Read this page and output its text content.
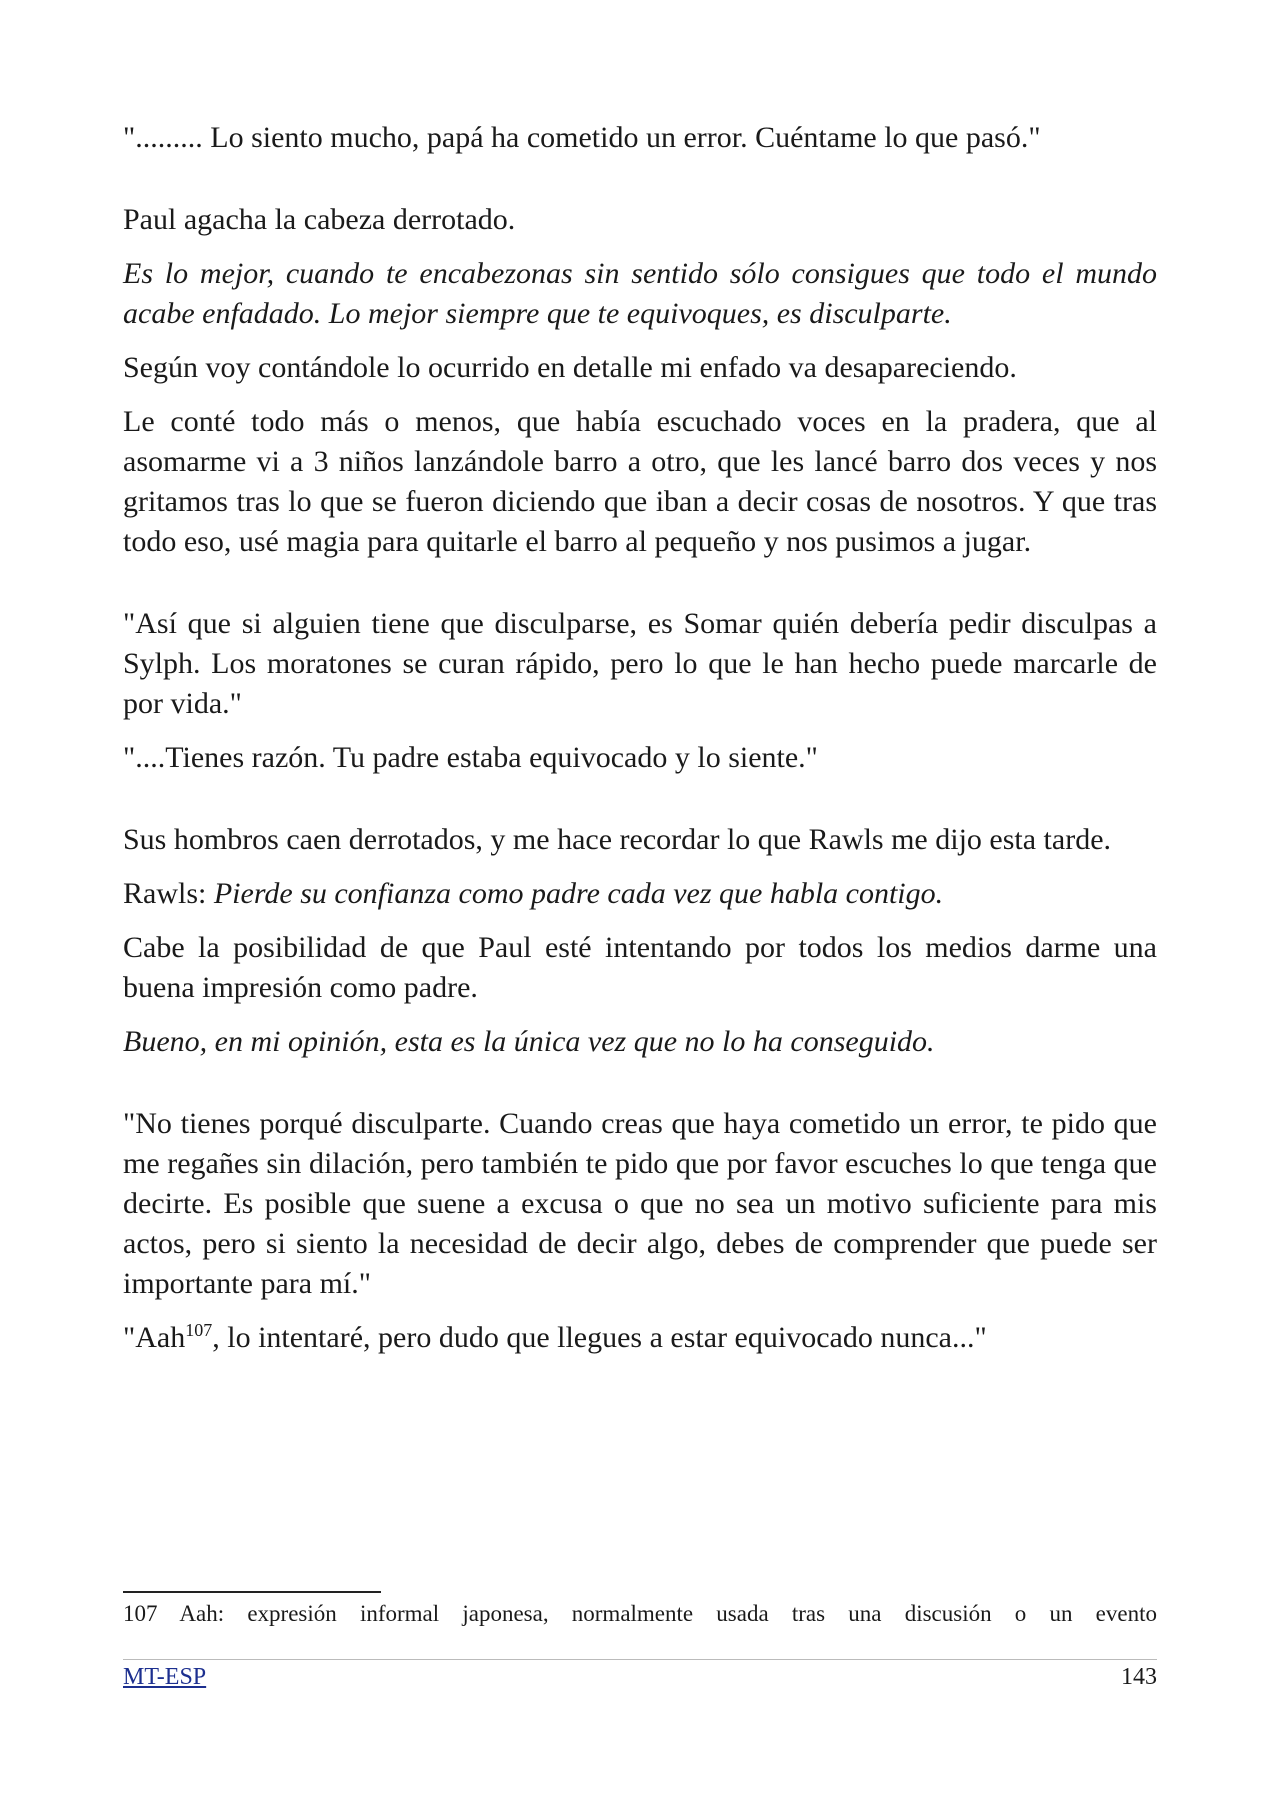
"......... Lo siento mucho, papá ha cometido un error. Cuéntame lo que pasó."

Paul agacha la cabeza derrotado.

Es lo mejor, cuando te encabezonas sin sentido sólo consigues que todo el mundo acabe enfadado. Lo mejor siempre que te equivoques, es disculparte.

Según voy contándole lo ocurrido en detalle mi enfado va desapareciendo.

Le conté todo más o menos, que había escuchado voces en la pradera, que al asomarme vi a 3 niños lanzándole barro a otro, que les lancé barro dos veces y nos gritamos tras lo que se fueron diciendo que iban a decir cosas de nosotros. Y que tras todo eso, usé magia para quitarle el barro al pequeño y nos pusimos a jugar.

"Así que si alguien tiene que disculparse, es Somar quién debería pedir disculpas a Sylph. Los moratones se curan rápido, pero lo que le han hecho puede marcarle de por vida."

"....Tienes razón. Tu padre estaba equivocado y lo siente."

Sus hombros caen derrotados, y me hace recordar lo que Rawls me dijo esta tarde.

Rawls: Pierde su confianza como padre cada vez que habla contigo.

Cabe la posibilidad de que Paul esté intentando por todos los medios darme una buena impresión como padre.

Bueno, en mi opinión, esta es la única vez que no lo ha conseguido.

"No tienes porqué disculparte. Cuando creas que haya cometido un error, te pido que me regañes sin dilación, pero también te pido que por favor escuches lo que tenga que decirte. Es posible que suene a excusa o que no sea un motivo suficiente para mis actos, pero si siento la necesidad de decir algo, debes de comprender que puede ser importante para mí."

"Aah$^{107}$, lo intentaré, pero dudo que llegues a estar equivocado nunca..."

107 Aah: expresión informal japonesa, normalmente usada tras una discusión o un evento
MT-ESP	143
